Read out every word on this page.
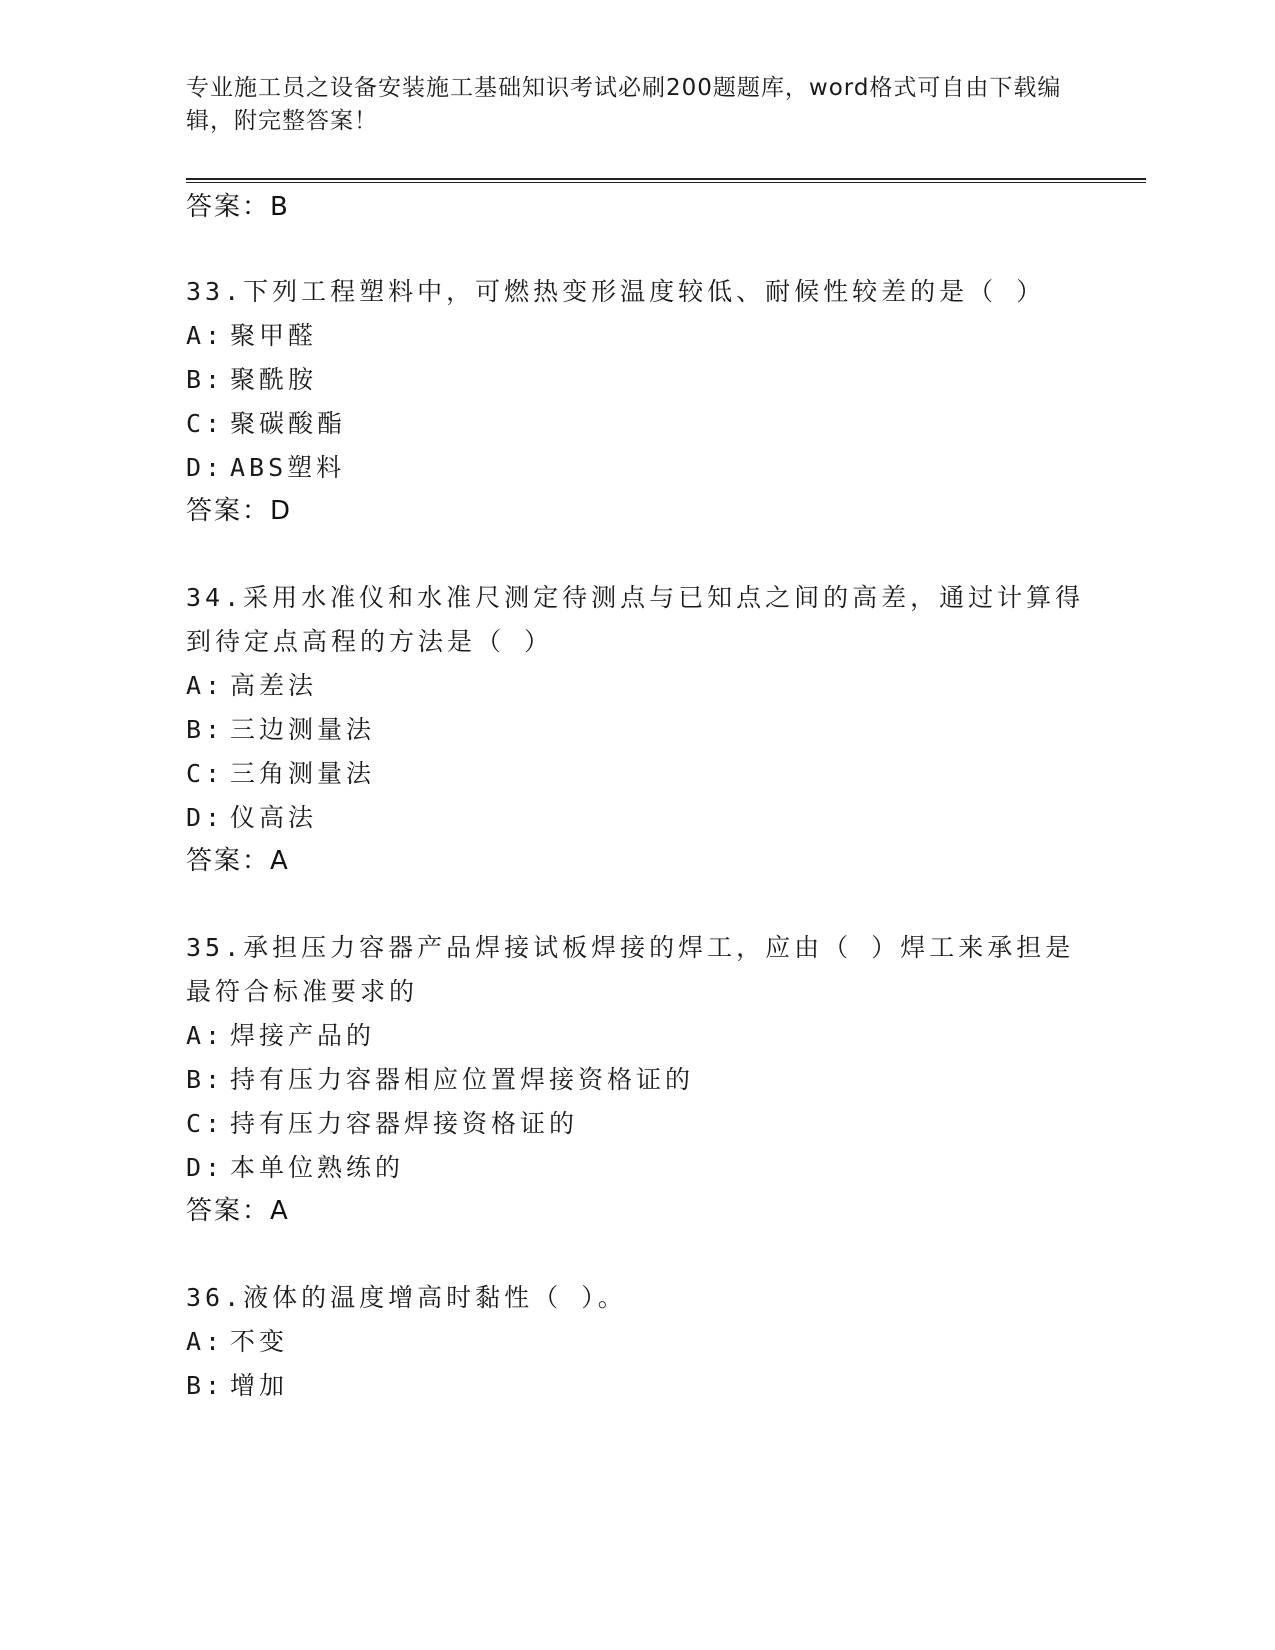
专业施工员之设备安装施工基础知识考试必刷200题题库，word格式可自由下载编辑，附完整答案！
答案：B
33.下列工程塑料中，可燃热变形温度较低、耐候性较差的是（ ）
A: 聚甲醛
B: 聚酰胺
C: 聚碳酸酯
D: ABS塑料
答案：D
34.采用水准仪和水准尺测定待测点与已知点之间的高差，通过计算得
到待定点高程的方法是（ ）
A: 高差法
B: 三边测量法
C: 三角测量法
D: 仪高法
答案：A
35.承担压力容器产品焊接试板焊接的焊工，应由（ ）焊工来承担是
最符合标准要求的
A: 焊接产品的
B: 持有压力容器相应位置焊接资格证的
C: 持有压力容器焊接资格证的
D: 本单位熟练的
答案：A
36.液体的温度增高时黏性（ ）。
A: 不变
B: 增加
